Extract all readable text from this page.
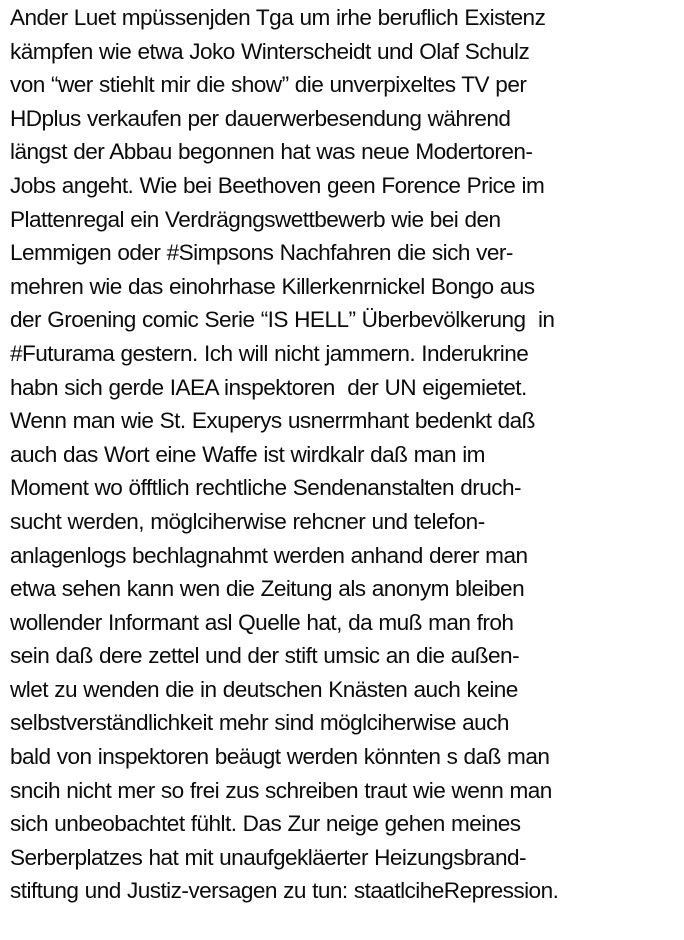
Ander Luet mpüssenjden Tga um irhe beruflich Existenz
kämpfen wie etwa Joko Winterscheidt und Olaf Schulz
von “wer stiehlt mir die show” die unverpixeltes TV per
HDplus verkaufen per dauerwerbesendung während
längst der Abbau begonnen hat was neue Modertoren-
Jobs angeht. Wie bei Beethoven geen Forence Price im
Plattenregal ein Verdrägngswettbewerb wie bei den
Lemmigen oder #Simpsons Nachfahren die sich ver-
mehren wie das einohrhase Killerkenrnickel Bongo aus
der Groening comic Serie “IS HELL” Überbevölkerung  in
#Futurama gestern. Ich will nicht jammern. Inderukrine
habn sich gerde IAEA inspektoren  der UN eigemietet.
Wenn man wie St. Exuperys usnerrmhant bedenkt daß
auch das Wort eine Waffe ist wirdkalr daß man im
Moment wo öfftlich rechtliche Sendenanstalten druch-
sucht werden, möglciherwise rehcner und telefon-
anlagenlogs bechlagnahmt werden anhand derer man
etwa sehen kann wen die Zeitung als anonym bleiben
wollender Informant asl Quelle hat, da muß man froh
sein daß dere zettel und der stift umsic an die außen-
wlet zu wenden die in deutschen Knästen auch keine
selbstverständlichkeit mehr sind möglciherwise auch
bald von inspektoren beäugt werden könnten s daß man
sncih nicht mer so frei zus schreiben traut wie wenn man
sich unbeobachtet fühlt. Das Zur neige gehen meines
Serberplatzes hat mit unaufgekläerter Heizungsbrand-
stiftung und Justiz-versagen zu tun: staatlciheRepression.
